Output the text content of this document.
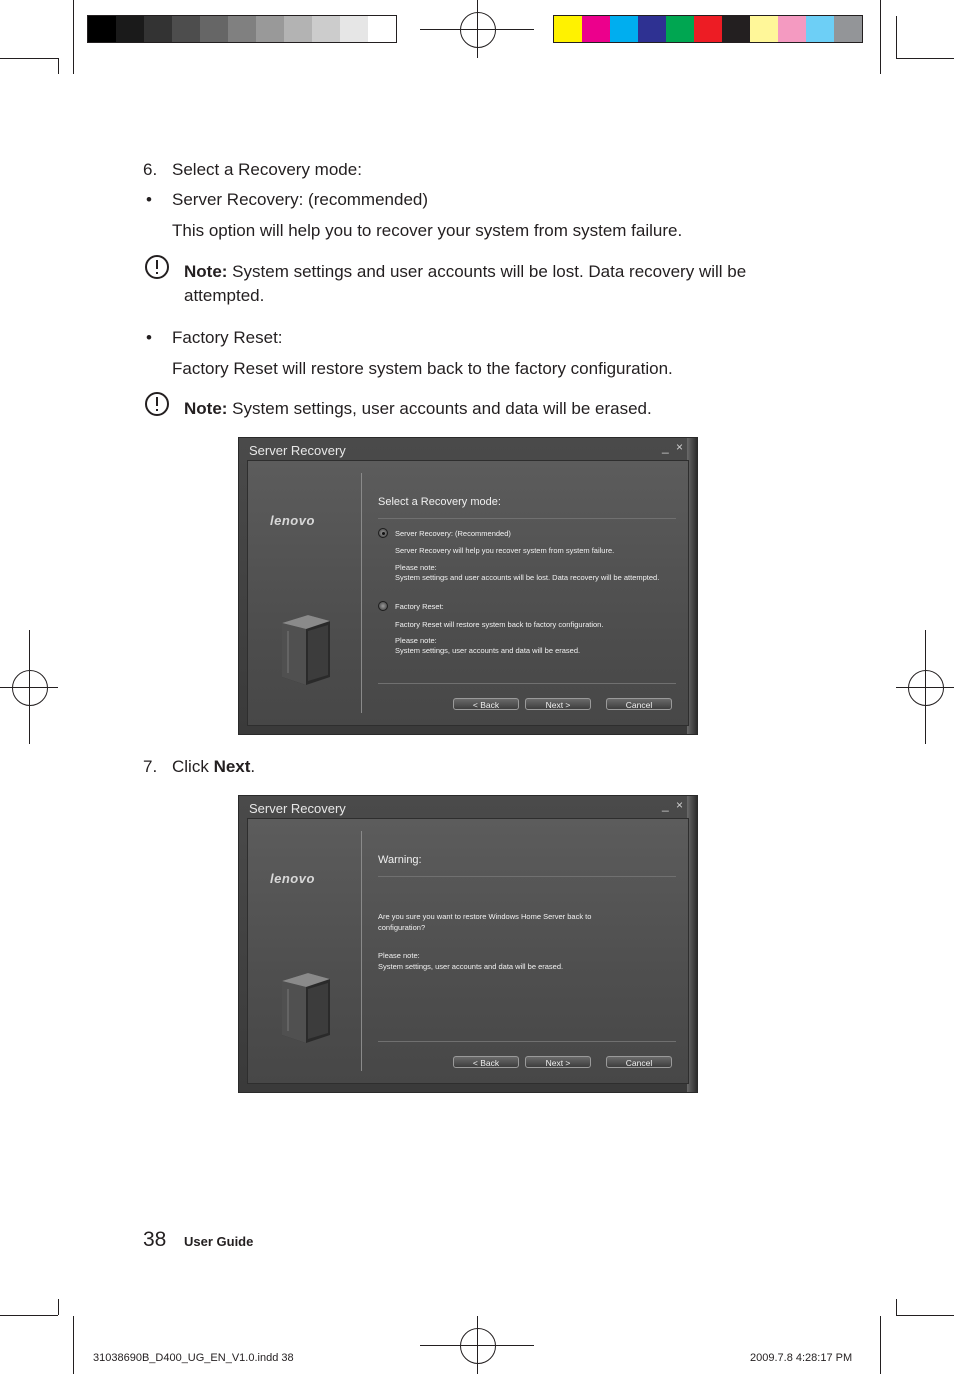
6. Select a Recovery mode:
• Server Recovery: (recommended)
This option will help you to recover your system from system failure.
Note: System settings and user accounts will be lost. Data recovery will be
attempted.
• Factory Reset:
Factory Reset will restore system back to the factory configuration.
Note: System settings, user accounts and data will be erased.
Server Recovery	_ ×
lenovo
Select a Recovery mode:
Server Recovery: (Recommended)
Server Recovery will help you recover system from system failure.
Please note:
System settings and user accounts will be lost. Data recovery will be attempted.
Factory Reset:
Factory Reset will restore system back to factory configuration.
Please note:
System settings, user accounts and data will be erased.
< Back	Next >	Cancel
7. Click Next.
Server Recovery	_ ×
lenovo
Warning:
Are you sure you want to restore Windows Home Server back to
configuration?
Please note:
System settings, user accounts and data will be erased.
< Back	Next >	Cancel
38 User Guide
31038690B_D400_UG_EN_V1.0.indd 38	2009.7.8 4:28:17 PM
